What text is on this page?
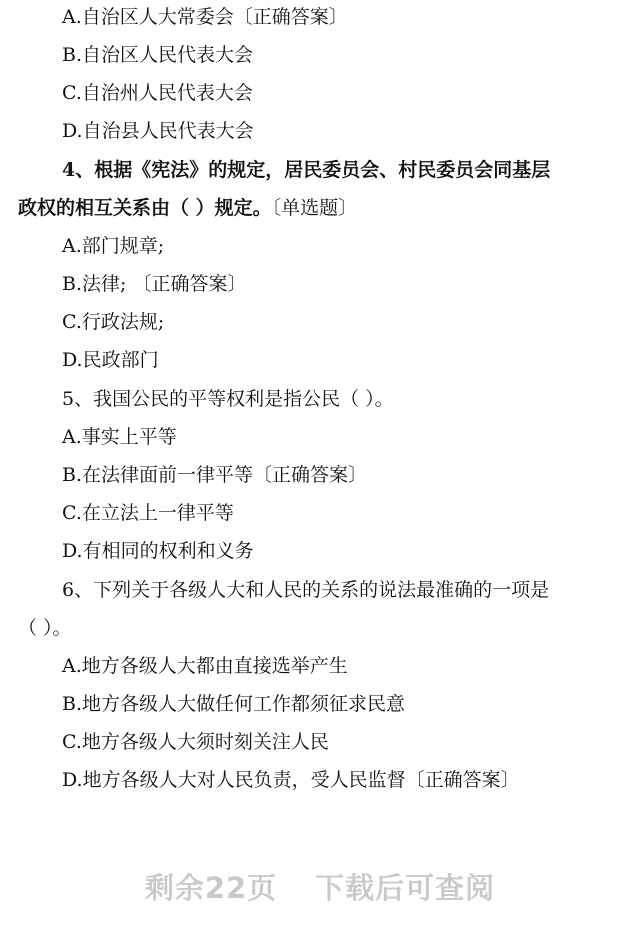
A.自治区人大常委会〔正确答案〕
B.自治区人民代表大会
C.自治州人民代表大会
D.自治县人民代表大会
4、根据《宪法》的规定，居民委员会、村民委员会同基层
政权的相互关系由（ ）规定。〔单选题〕
A.部门规章;
B.法律; 〔正确答案〕
C.行政法规;
D.民政部门
5、我国公民的平等权利是指公民（ ）。
A.事实上平等
B.在法律面前一律平等〔正确答案〕
C.在立法上一律平等
D.有相同的权利和义务
6、下列关于各级人大和人民的关系的说法最准确的一项是
（ ）。
A.地方各级人大都由直接选举产生
B.地方各级人大做任何工作都须征求民意
C.地方各级人大须时刻关注人民
D.地方各级人大对人民负责，受人民监督〔正确答案〕
剩余22页 下载后可查阅
